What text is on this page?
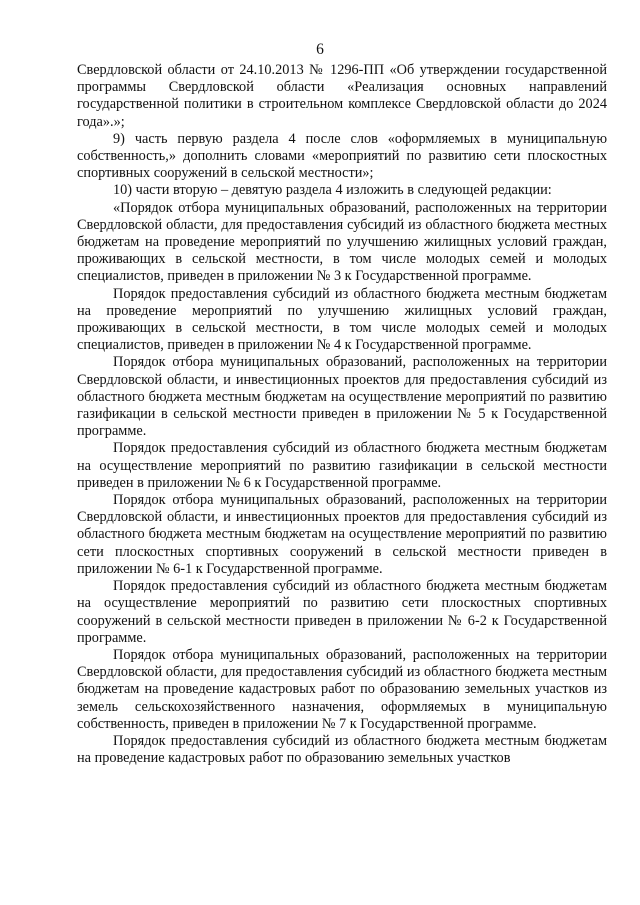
6

Свердловской области от 24.10.2013 № 1296-ПП «Об утверждении государственной программы Свердловской области «Реализация основных направлений государственной политики в строительном комплексе Свердловской области до 2024 года».»;

9) часть первую раздела 4 после слов «оформляемых в муниципальную собственность,» дополнить словами «мероприятий по развитию сети плоскостных спортивных сооружений в сельской местности»;

10) части вторую – девятую раздела 4 изложить в следующей редакции:

«Порядок отбора муниципальных образований, расположенных на территории Свердловской области, для предоставления субсидий из областного бюджета местных бюджетам на проведение мероприятий по улучшению жилищных условий граждан, проживающих в сельской местности, в том числе молодых семей и молодых специалистов, приведен в приложении № 3 к Государственной программе.

Порядок предоставления субсидий из областного бюджета местным бюджетам на проведение мероприятий по улучшению жилищных условий граждан, проживающих в сельской местности, в том числе молодых семей и молодых специалистов, приведен в приложении № 4 к Государственной программе.

Порядок отбора муниципальных образований, расположенных на территории Свердловской области, и инвестиционных проектов для предоставления субсидий из областного бюджета местным бюджетам на осуществление мероприятий по развитию газификации в сельской местности приведен в приложении № 5 к Государственной программе.

Порядок предоставления субсидий из областного бюджета местным бюджетам на осуществление мероприятий по развитию газификации в сельской местности приведен в приложении № 6 к Государственной программе.

Порядок отбора муниципальных образований, расположенных на территории Свердловской области, и инвестиционных проектов для предоставления субсидий из областного бюджета местным бюджетам на осуществление мероприятий по развитию сети плоскостных спортивных сооружений в сельской местности приведен в приложении № 6-1 к Государственной программе.

Порядок предоставления субсидий из областного бюджета местным бюджетам на осуществление мероприятий по развитию сети плоскостных спортивных сооружений в сельской местности приведен в приложении № 6-2 к Государственной программе.

Порядок отбора муниципальных образований, расположенных на территории Свердловской области, для предоставления субсидий из областного бюджета местным бюджетам на проведение кадастровых работ по образованию земельных участков из земель сельскохозяйственного назначения, оформляемых в муниципальную собственность, приведен в приложении № 7 к Государственной программе.

Порядок предоставления субсидий из областного бюджета местным бюджетам на проведение кадастровых работ по образованию земельных участков
